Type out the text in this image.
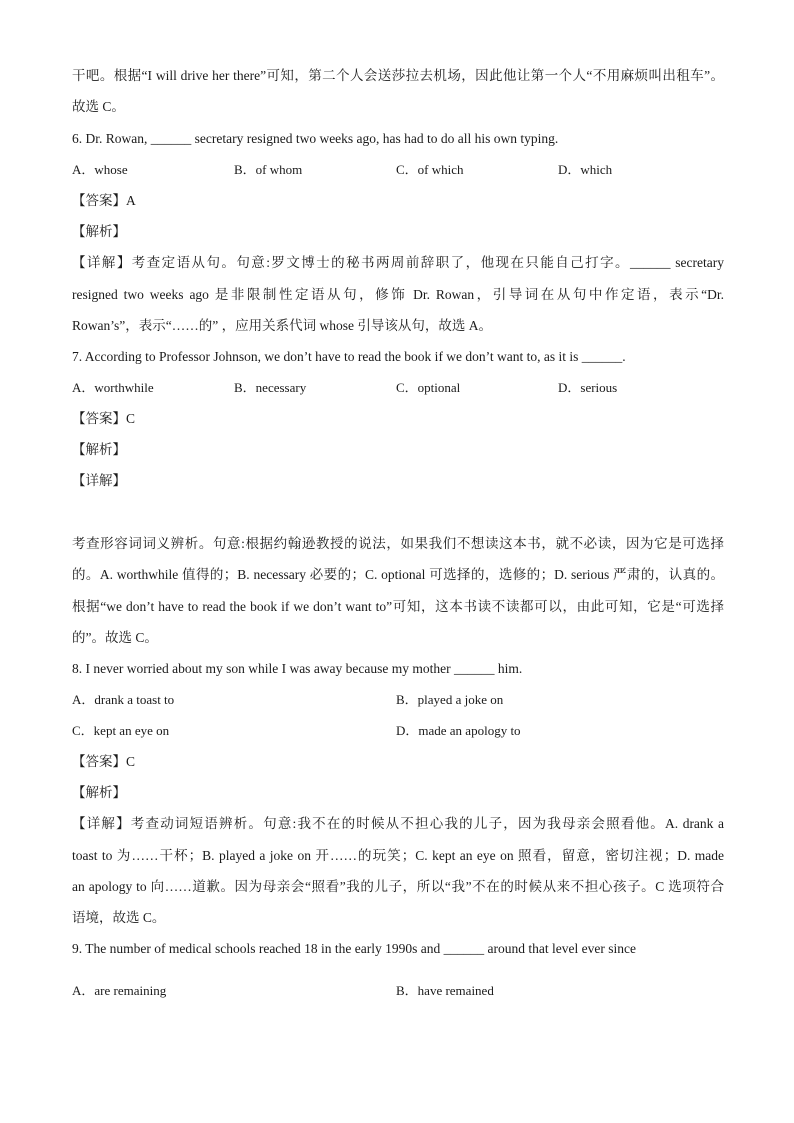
干吧。根据“I will drive her there”可知，第二个人会送莎拉去机场，因此他让第一个人“不用麻烦叫出租车”。
故选 C。
6. Dr. Rowan, ______ secretary resigned two weeks ago, has had to do all his own typing.
A．whose	B．of whom	C．of which	D．which
【答案】A
【解析】
【详解】考查定语从句。句意:罗文博士的秘书两周前辞职了，他现在只能自己打字。______ secretary
resigned two weeks ago 是非限制性定语从句，修饰 Dr. Rowan，引导词在从句中作定语，表示“Dr.
Rowan’s”，表示“……的” ，应用关系代词 whose 引导该从句，故选 A。
7. According to Professor Johnson, we don’t have to read the book if we don’t want to, as it is ______.
A．worthwhile	B．necessary	C．optional	D．serious
【答案】C
【解析】
【详解】
考查形容词词义辨析。句意:根据约翰逊教授的说法，如果我们不想读这本书，就不必读，因为它是可选择
的。A. worthwhile 值得的；B. necessary 必要的；C. optional 可选择的，选修的；D. serious 严肃的，认真的。
根据“we don’t have to read the book if we don’t want to”可知，这本书读不读都可以，由此可知，它是“可选择
的”。故选 C。
8. I never worried about my son while I was away because my mother ______ him.
A．drank a toast to	B．played a joke on
C．kept an eye on	D．made an apology to
【答案】C
【解析】
【详解】考查动词短语辨析。句意:我不在的时候从不担心我的儿子，因为我母亲会照看他。A. drank a
toast to 为……干杯；B. played a joke on 开……的玩笑；C. kept an eye on 照看，留意，密切注视；D. made
an apology to 向……道歉。因为母亲会“照看”我的儿子，所以“我”不在的时候从来不担心孩子。C 选项符合
语境，故选 C。
9. The number of medical schools reached 18 in the early 1990s and ______ around that level ever since
A．are remaining	B．have remained
